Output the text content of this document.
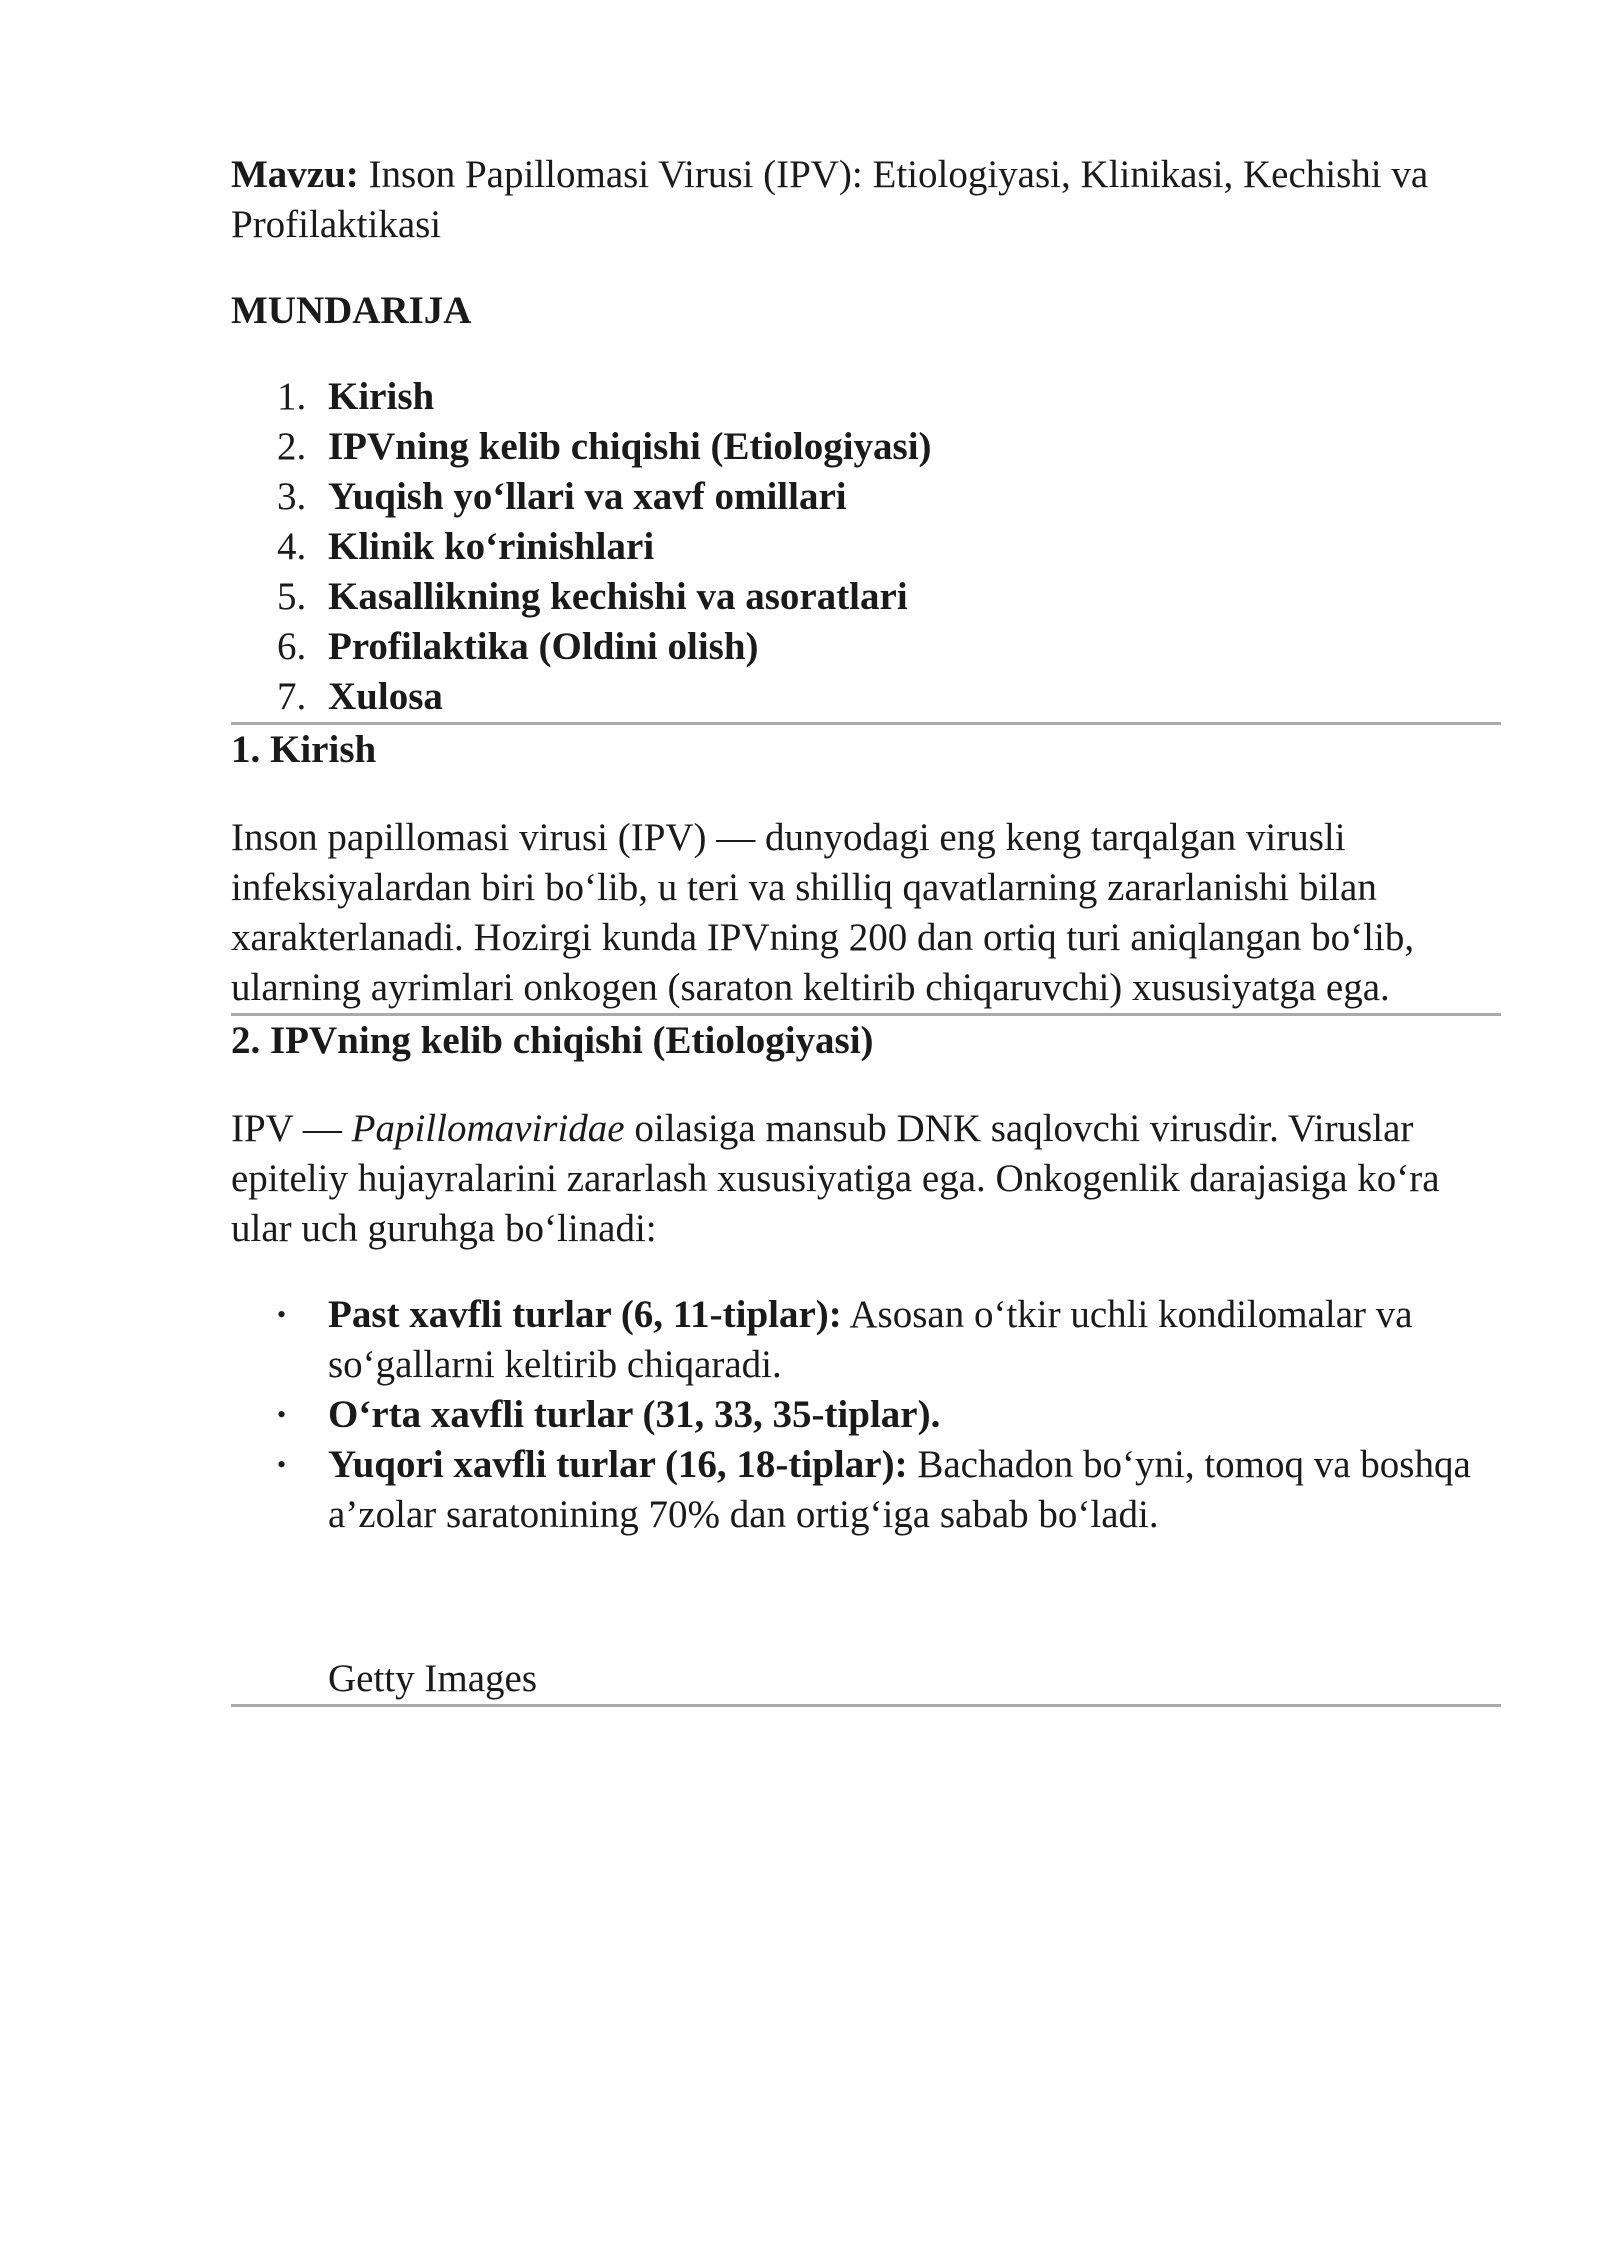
Mavzu: Inson Papillomasi Virusi (IPV): Etiologiyasi, Klinikasi, Kechishi va Profilaktikasi

MUNDARIJA

1. Kirish
2. IPVning kelib chiqishi (Etiologiyasi)
3. Yuqish yo‘llari va xavf omillari
4. Klinik ko‘rinishlari
5. Kasallikning kechishi va asoratlari
6. Profilaktika (Oldini olish)
7. Xulosa
1. Kirish

Inson papillomasi virusi (IPV) — dunyodagi eng keng tarqalgan virusli infeksiyalardan biri bo‘lib, u teri va shilliq qavatlarning zararlanishi bilan xarakterlanadi. Hozirgi kunda IPVning 200 dan ortiq turi aniqlangan bo‘lib, ularning ayrimlari onkogen (saraton keltirib chiqaruvchi) xususiyatga ega.

2. IPVning kelib chiqishi (Etiologiyasi)

IPV — Papillomaviridae oilasiga mansub DNK saqlovchi virusdir. Viruslar epiteliy hujayralarini zararlash xususiyatiga ega. Onkogenlik darajasiga ko‘ra ular uch guruhga bo‘linadi:

• Past xavfli turlar (6, 11-tiplar): Asosan o‘tkir uchli kondilomalar va so‘gallarni keltirib chiqaradi.
• O‘rta xavfli turlar (31, 33, 35-tiplar).
• Yuqori xavfli turlar (16, 18-tiplar): Bachadon bo‘yni, tomoq va boshqa a’zolar saratonining 70% dan ortig‘iga sabab bo‘ladi.

Getty Images
